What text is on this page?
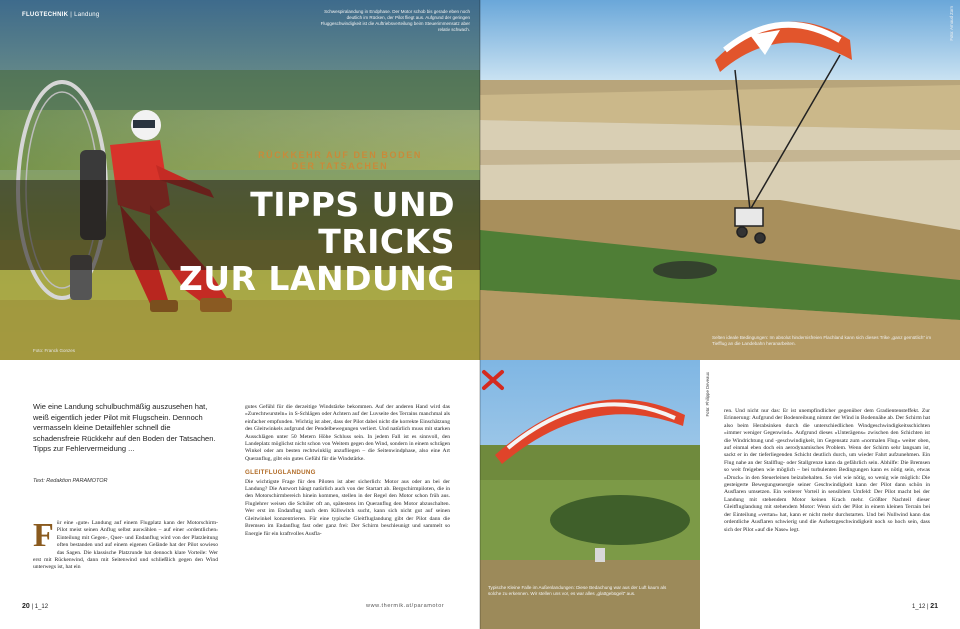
FLUGTECHNIK | Landung
Schwespiralandung in Endphase. Der Motor schob bis gerade eben noch deutlich im Rücken, der Pilot fliegt aus. Aufgrund der geringen Fluggeschwindigkeit ist die Auftriebsverteilung beim Steuerimmensatz aber relativ schwach.
Foto: Franck Gonzes
RÜCKKEHR AUF DEN BODEN
DER TATSACHEN
TIPPS UND TRICKS
ZUR LANDUNG
Wie eine Landung schulbuchmäßig auszusehen hat, weiß eigentlich jeder Pilot mit Flugschein. Dennoch vermasseln kleine Detailfehler schnell die schadensfreie Rückkehr auf den Boden der Tatsachen. Tipps zur Fehlervermeidung ...
Text: Redaktion PARAMOTOR
Für eine ›gute‹ Landung auf einem Flugplatz kann der Motorschirm-Pilot meist seinen Anflug selbst auswählen – auf einer ›ordentlichen‹ Einteilung mit Gegen-, Quer- und Endanflug wird von der Platzleitung often bestanden und auf einem eigenen Gelände hat der Pilot sowieso das Sagen. Die klassische Platzrunde hat dennoch klare Vorteile: Wer erst mit Rückenwind, dann mit Seitenwind und schließlich gegen den Wind unterwegs ist, hat ein
gutes Gefühl für die derzeitige Windstärke bekommen. Auf der anderen Hand wird das »Zurechtwursteln« in S-Schlägen oder Achtern auf der Luvseite des Terrains manchmal als einfacher empfunden. Wichtig ist aber, dass der Pilot dabei nicht die korrekte Einschätzung des Gleitwinkels aufgrund der Pendelbewegungen verliert. Und natürlich muss mit starken Ausschlägen unter 50 Metern Höhe Schluss sein. In jedem Fall ist es sinnvoll, den Landeplatz möglichst nicht schon von Weitem gegen den Wind, sondern in einem schrägen Winkel oder am besten rechtwinklig anzufliegen – die Seitenwindphase, also eine Art Queranflug, gibt ein gutes Gefühl für die Windstärke.
GLEITFLUGLANDUNG
Die wichtigste Frage für den Piloten ist aber sicherlich: Motor aus oder an bei der Landung? Die Antwort hängt natürlich auch von der Startart ab. Bergschirmpiloten, die in den Motorschirmbereich hinein kommen, stellen in der Regel den Motor schon früh aus. Fluglehrer weisen die Schüler oft an, spätestens im Queranflug den Motor abzuschalten. Wer erst im Endanflug nach dem Killswitch sucht, kann sich nicht gut auf seinen Gleitwinkel konzentrieren. Für eine typische Gleitfluglandung gibt der Pilot dann die Bremsen im Endanflug fast oder ganz frei: Der Schirm beschleunigt und sammelt so Energie für ein kraftvolles Ausfla-
20 | 1_12	www.thermik.at/paramotor
Foto: Arnaud Zorn
Selten ideale Bedingungen: Im absolut hindernisfreien Flachland kann sich dieses Trike „ganz gemütlich“ im Tiefflug an die Landebahn heranarbeiten.
Foto: Philippe Deveaux
Typische Kleine Falle im Außenlandungen: Diese Bedachung war aus der Luft kaum als solche zu erkennen. Wir stellen uns vor, es war alles „glattgebügelt“ aus.
ren. Und nicht nur das: Er ist unempfindlicher gegenüber dem Gradientensteffekt. Zur Erinnerung: Aufgrund der Bodenreibung nimmt der Wind in Bodennähe ab. Der Schirm hat also beim Herabsinken durch die unterschiedlichen Windgeschwindigkeitsschichten »immer weniger Gegenwind«. Aufgrund dieses »Unterägens« zwischen den Schichten ist die Windrichtung und -geschwindigkeit, im Gegensatz zum »normalen Flug« weiter oben, auf einmal eben doch ein aerodynamisches Problem. Wenn der Schirm sehr langsam ist, sackt er in der tieferliegenden Schicht deutlich durch, um wieder Fahrt aufzunehmen. Ein Flug nahe an der Stallflug- oder Stallgrenze kann da gefährlich sein. Abhilfe: Die Bremsen so weit freigeben wie möglich – bei turbulenten Bedingungen kann es nötig sein, etwas »Druck« in den Steuerleinen beizubehalten. So viel wie nötig, so wenig wie möglich: Die gesteigerte Bewegungsenergie seiner Geschwindigkeit kann der Pilot dann schön in Ausflaren umsetzen. Ein weiterer Vorteil in sensiblem Umfeld: Der Pilot macht bei der Landung mit stehendem Motor keinen Krach mehr. Größter Nachteil dieser Gleitfluglandung mit stehendem Motor: Wenn sich der Pilot in einem kleinen Terrain bei der Einteilung »vertan« hat, kann er nicht mehr durchstarten. Und bei Nullwind kann das ordentliche Ausflaren schwierig und die Aufsetzgeschwindigkeit noch so hoch sein, dass sich der Pilot »auf die Nase« legt.
1_12 | 21
